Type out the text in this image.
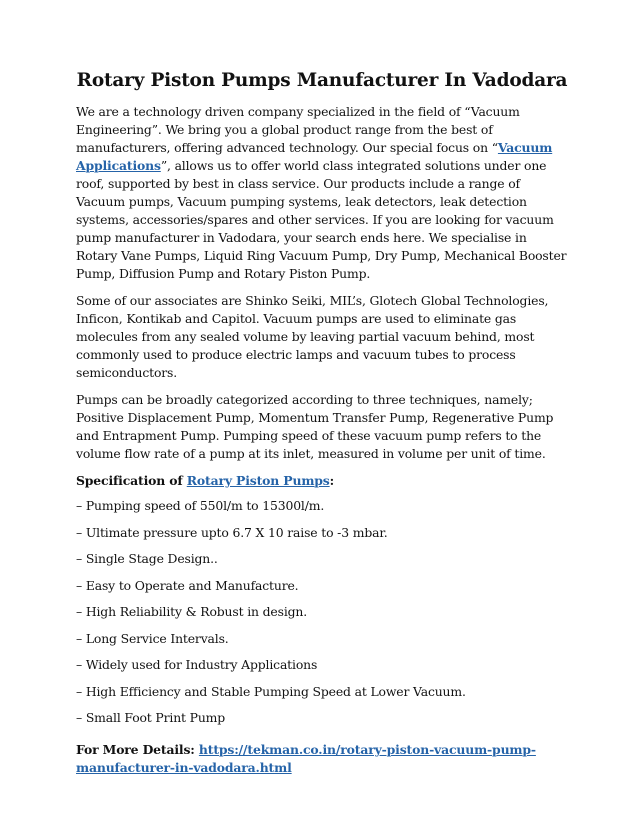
Rotary Piston Pumps Manufacturer In Vadodara

We are a technology driven company specialized in the field of “Vacuum Engineering”. We bring you a global product range from the best of manufacturers, offering advanced technology. Our special focus on “Vacuum Applications”, allows us to offer world class integrated solutions under one roof, supported by best in class service. Our products include a range of Vacuum pumps, Vacuum pumping systems, leak detectors, leak detection systems, accessories/spares and other services. If you are looking for vacuum pump manufacturer in Vadodara, your search ends here. We specialise in Rotary Vane Pumps, Liquid Ring Vacuum Pump, Dry Pump, Mechanical Booster Pump, Diffusion Pump and Rotary Piston Pump.

Some of our associates are Shinko Seiki, MIL’s, Glotech Global Technologies, Inficon, Kontikab and Capitol. Vacuum pumps are used to eliminate gas molecules from any sealed volume by leaving partial vacuum behind, most commonly used to produce electric lamps and vacuum tubes to process semiconductors.

Pumps can be broadly categorized according to three techniques, namely; Positive Displacement Pump, Momentum Transfer Pump, Regenerative Pump and Entrapment Pump. Pumping speed of these vacuum pump refers to the volume flow rate of a pump at its inlet, measured in volume per unit of time.

Specification of Rotary Piston Pumps:

– Pumping speed of 550l/m to 15300l/m.

– Ultimate pressure upto 6.7 X 10 raise to -3 mbar.

– Single Stage Design..

– Easy to Operate and Manufacture.

– High Reliability & Robust in design.

– Long Service Intervals.

– Widely used for Industry Applications

– High Efficiency and Stable Pumping Speed at Lower Vacuum.

– Small Foot Print Pump

For More Details: https://tekman.co.in/rotary-piston-vacuum-pump-manufacturer-in-vadodara.html
